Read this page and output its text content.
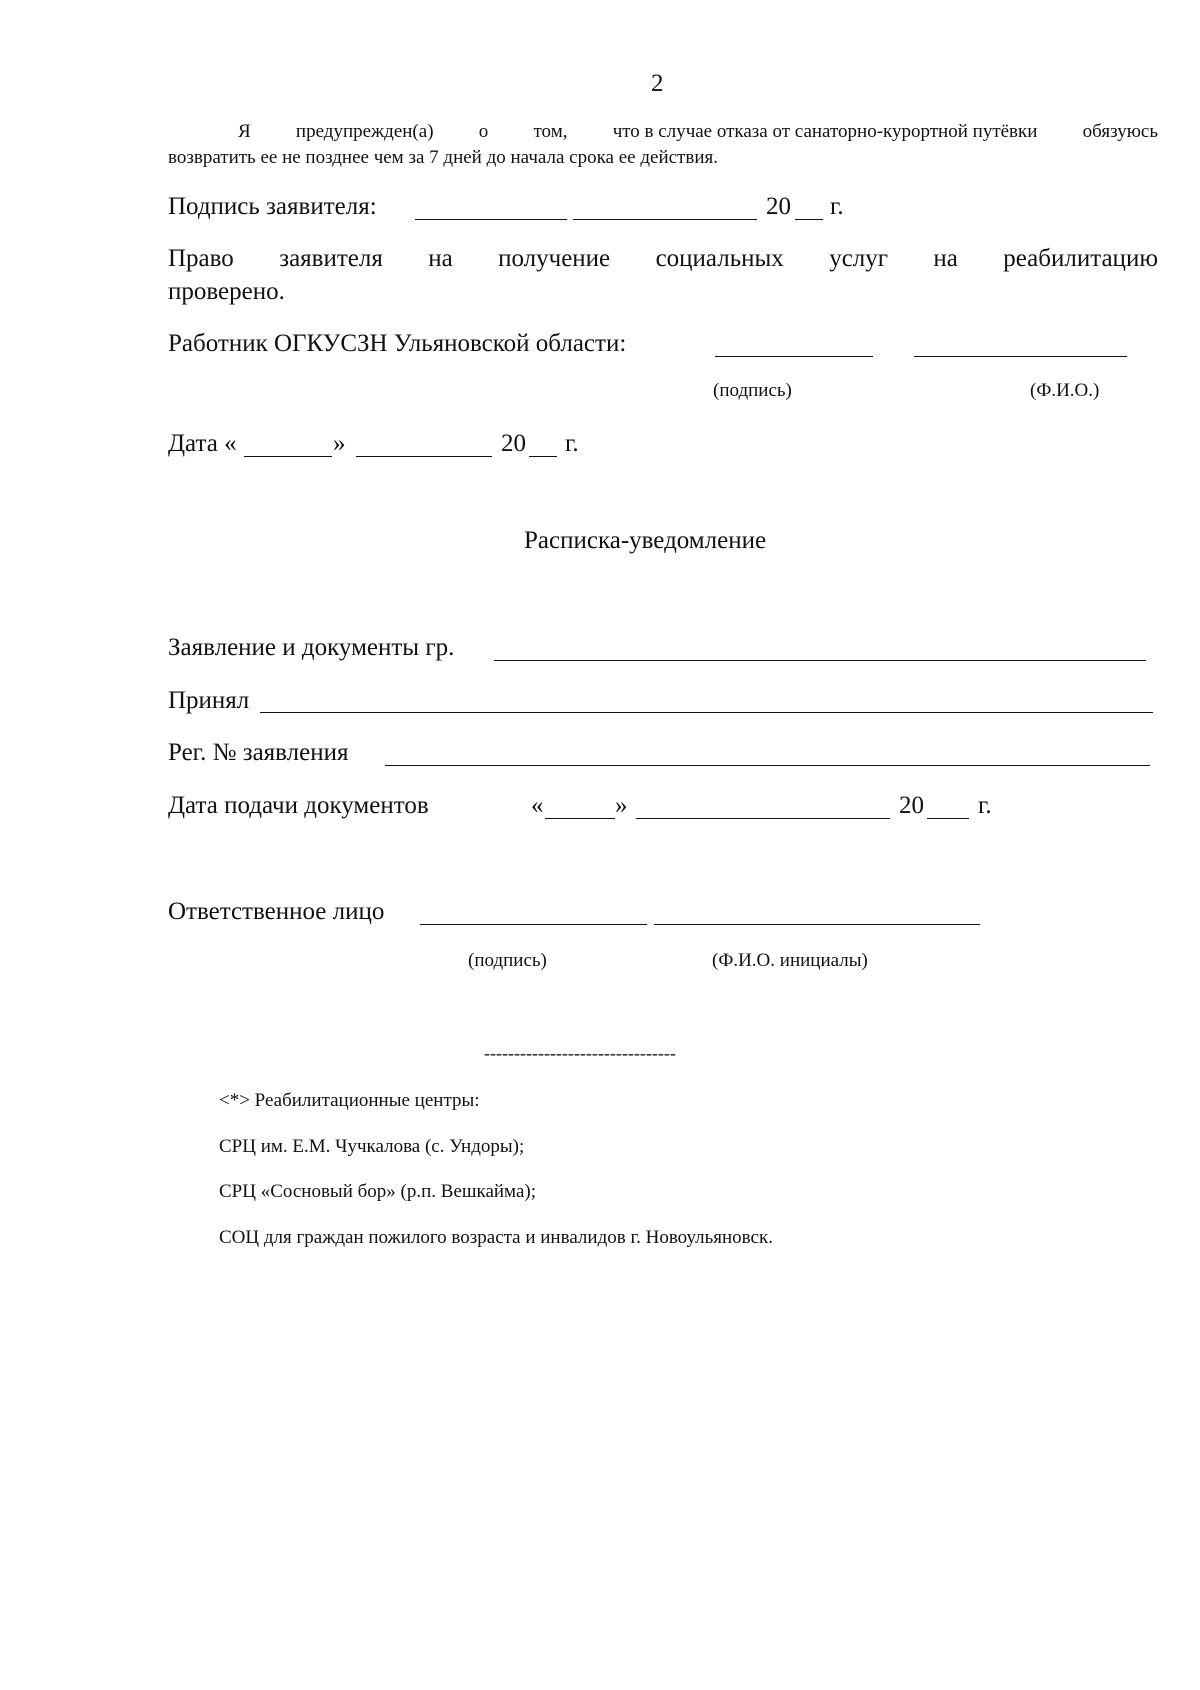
2
Я предупрежден(а) о том, что в случае отказа от санаторно-курортной путёвки обязуюсь
возвратить ее не позднее чем за 7 дней до начала срока ее действия.
Подпись заявителя:	20 г.
Право заявителя на получение социальных услуг на реабилитацию
проверено.
Работник ОГКУСЗН Ульяновской области:
(подпись)	(Ф.И.О.)
Дата «	»	20 г.
Расписка-уведомление
Заявление и документы гр.
Принял
Рег. № заявления
Дата подачи документов	«	»	20 г.
Ответственное лицо
(подпись)	(Ф.И.О. инициалы)
--------------------------------
<*> Реабилитационные центры:
СРЦ им. Е.М. Чучкалова (с. Ундоры);
СРЦ «Сосновый бор» (р.п. Вешкайма);
СОЦ для граждан пожилого возраста и инвалидов г. Новоульяновск.
